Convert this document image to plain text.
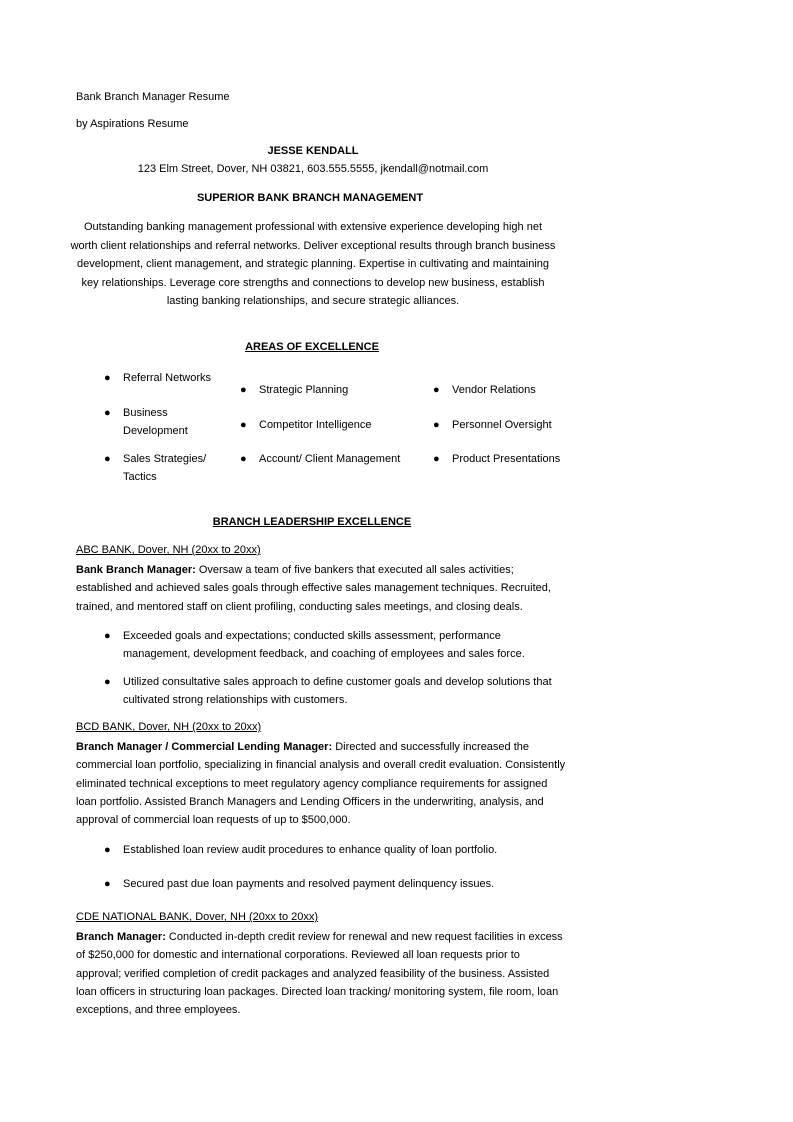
Bank Branch Manager Resume
by Aspirations Resume
JESSE KENDALL
123 Elm Street, Dover, NH 03821, 603.555.5555, jkendall@notmail.com
SUPERIOR BANK BRANCH MANAGEMENT
Outstanding banking management professional with extensive experience developing high net worth client relationships and referral networks. Deliver exceptional results through branch business development, client management, and strategic planning. Expertise in cultivating and maintaining key relationships. Leverage core strengths and connections to develop new business, establish lasting banking relationships, and secure strategic alliances.
AREAS OF EXCELLENCE
● Referral Networks
● Business Development
● Sales Strategies/ Tactics
● Strategic Planning
● Competitor Intelligence
● Account/ Client Management
● Vendor Relations
● Personnel Oversight
● Product Presentations
BRANCH LEADERSHIP EXCELLENCE
ABC BANK, Dover, NH (20xx to 20xx)
Bank Branch Manager: Oversaw a team of five bankers that executed all sales activities; established and achieved sales goals through effective sales management techniques. Recruited, trained, and mentored staff on client profiling, conducting sales meetings, and closing deals.
● Exceeded goals and expectations; conducted skills assessment, performance management, development feedback, and coaching of employees and sales force.
● Utilized consultative sales approach to define customer goals and develop solutions that cultivated strong relationships with customers.
BCD BANK, Dover, NH (20xx to 20xx)
Branch Manager / Commercial Lending Manager: Directed and successfully increased the commercial loan portfolio, specializing in financial analysis and overall credit evaluation. Consistently eliminated technical exceptions to meet regulatory agency compliance requirements for assigned loan portfolio. Assisted Branch Managers and Lending Officers in the underwriting, analysis, and approval of commercial loan requests of up to $500,000.
● Established loan review audit procedures to enhance quality of loan portfolio.
● Secured past due loan payments and resolved payment delinquency issues.
CDE NATIONAL BANK, Dover, NH (20xx to 20xx)
Branch Manager: Conducted in-depth credit review for renewal and new request facilities in excess of $250,000 for domestic and international corporations. Reviewed all loan requests prior to approval; verified completion of credit packages and analyzed feasibility of the business. Assisted loan officers in structuring loan packages. Directed loan tracking/ monitoring system, file room, loan exceptions, and three employees.
